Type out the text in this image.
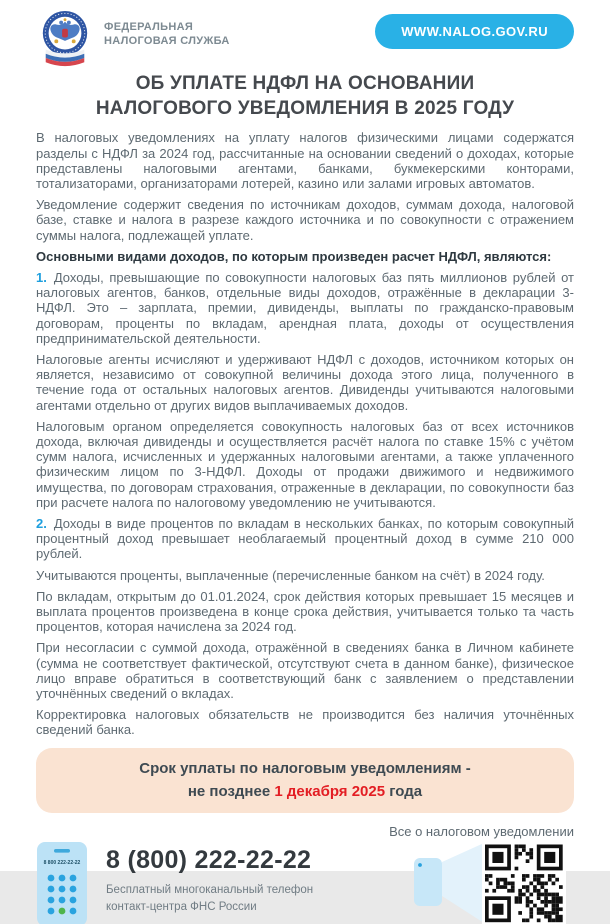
ФЕДЕРАЛЬНАЯ
НАЛОГОВАЯ СЛУЖБА
WWW.NALOG.GOV.RU
ОБ УПЛАТЕ НДФЛ НА ОСНОВАНИИ
НАЛОГОВОГО УВЕДОМЛЕНИЯ В 2025 ГОДУ

В налоговых уведомлениях на уплату налогов физическими лицами содержатся разделы с НДФЛ за 2024 год, рассчитанные на основании сведений о доходах, которые представлены налоговыми агентами, банками, букмекерскими конторами, тотализаторами, организаторами лотерей, казино или залами игровых автоматов.

Уведомление содержит сведения по источникам доходов, суммам дохода, налоговой базе, ставке и налога в разрезе каждого источника и по совокупности с отражением суммы налога, подлежащей уплате.

Основными видами доходов, по которым произведен расчет НДФЛ, являются:

1. Доходы, превышающие по совокупности налоговых баз пять миллионов рублей от налоговых агентов, банков, отдельные виды доходов, отражённые в декларации 3-НДФЛ. Это – зарплата, премии, дивиденды, выплаты по гражданско-правовым договорам, проценты по вкладам, арендная плата, доходы от осуществления предпринимательской деятельности.

Налоговые агенты исчисляют и удерживают НДФЛ с доходов, источником которых он является, независимо от совокупной величины дохода этого лица, полученного в течение года от остальных налоговых агентов. Дивиденды учитываются налоговыми агентами отдельно от других видов выплачиваемых доходов.

Налоговым органом определяется совокупность налоговых баз от всех источников дохода, включая дивиденды и осуществляется расчёт налога по ставке 15% с учётом сумм налога, исчисленных и удержанных налоговыми агентами, а также уплаченного физическим лицом по 3-НДФЛ. Доходы от продажи движимого и недвижимого имущества, по договорам страхования, отраженные в декларации, по совокупности баз при расчете налога по налоговому уведомлению не учитываются.

2. Доходы в виде процентов по вкладам в нескольких банках, по которым совокупный процентный доход превышает необлагаемый процентный доход в сумме 210 000 рублей.

Учитываются проценты, выплаченные (перечисленные банком на счёт) в 2024 году.

По вкладам, открытым до 01.01.2024, срок действия которых превышает 15 месяцев и выплата процентов произведена в конце срока действия, учитывается только та часть процентов, которая начислена за 2024 год.

При несогласии с суммой дохода, отражённой в сведениях банка в Личном кабинете (сумма не соответствует фактической, отсутствуют счета в данном банке), физическое лицо вправе обратиться в соответствующий банк с заявлением о представлении уточнённых сведений о вкладах.

Корректировка налоговых обязательств не производится без наличия уточнённых сведений банка.

Срок уплаты по налоговым уведомлениям -
не позднее 1 декабря 2025 года
Все о налоговом уведомлении
8 800 222-22-22 8 (800) 222-22-22
Бесплатный многоканальный телефон
контакт-центра ФНС России
